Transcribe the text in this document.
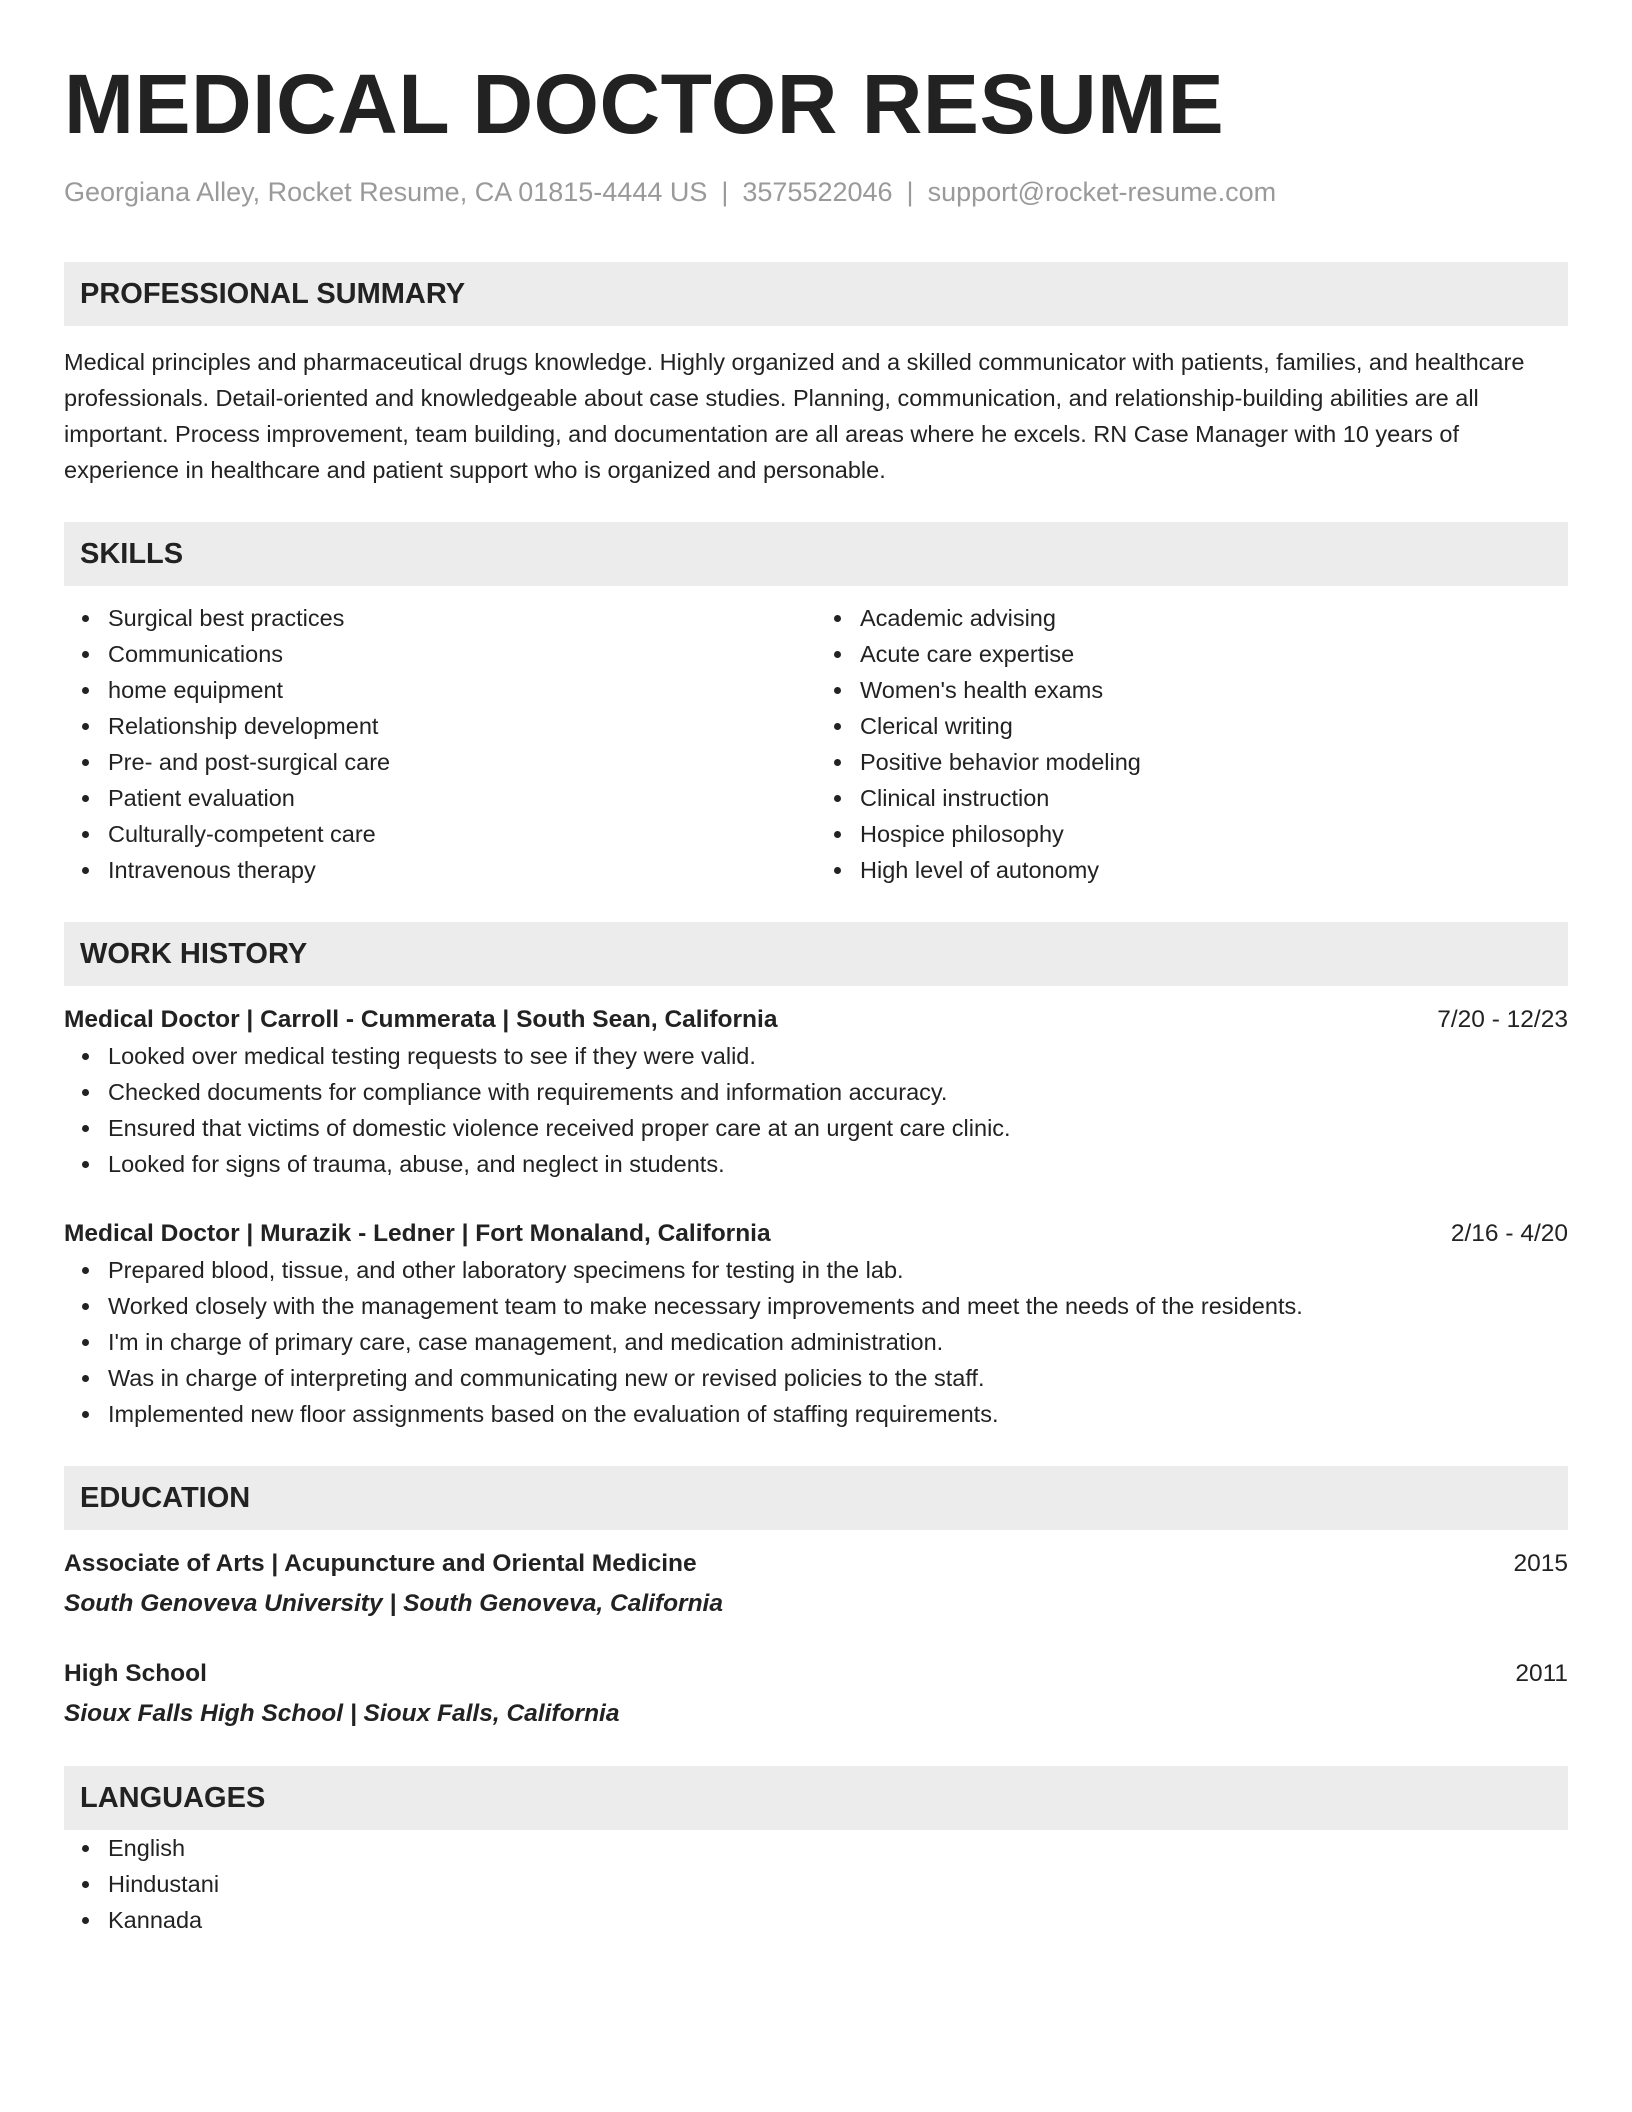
MEDICAL DOCTOR RESUME
Georgiana Alley, Rocket Resume, CA 01815-4444 US | 3575522046 | support@rocket-resume.com
PROFESSIONAL SUMMARY
Medical principles and pharmaceutical drugs knowledge. Highly organized and a skilled communicator with patients, families, and healthcare professionals. Detail-oriented and knowledgeable about case studies. Planning, communication, and relationship-building abilities are all important. Process improvement, team building, and documentation are all areas where he excels. RN Case Manager with 10 years of experience in healthcare and patient support who is organized and personable.
SKILLS
Surgical best practices
Communications
home equipment
Relationship development
Pre- and post-surgical care
Patient evaluation
Culturally-competent care
Intravenous therapy
Academic advising
Acute care expertise
Women's health exams
Clerical writing
Positive behavior modeling
Clinical instruction
Hospice philosophy
High level of autonomy
WORK HISTORY
Medical Doctor | Carroll - Cummerata | South Sean, California	7/20 - 12/23
Looked over medical testing requests to see if they were valid.
Checked documents for compliance with requirements and information accuracy.
Ensured that victims of domestic violence received proper care at an urgent care clinic.
Looked for signs of trauma, abuse, and neglect in students.
Medical Doctor | Murazik - Ledner | Fort Monaland, California	2/16 - 4/20
Prepared blood, tissue, and other laboratory specimens for testing in the lab.
Worked closely with the management team to make necessary improvements and meet the needs of the residents.
I'm in charge of primary care, case management, and medication administration.
Was in charge of interpreting and communicating new or revised policies to the staff.
Implemented new floor assignments based on the evaluation of staffing requirements.
EDUCATION
Associate of Arts | Acupuncture and Oriental Medicine	2015
South Genoveva University | South Genoveva, California
High School	2011
Sioux Falls High School | Sioux Falls, California
LANGUAGES
English
Hindustani
Kannada
